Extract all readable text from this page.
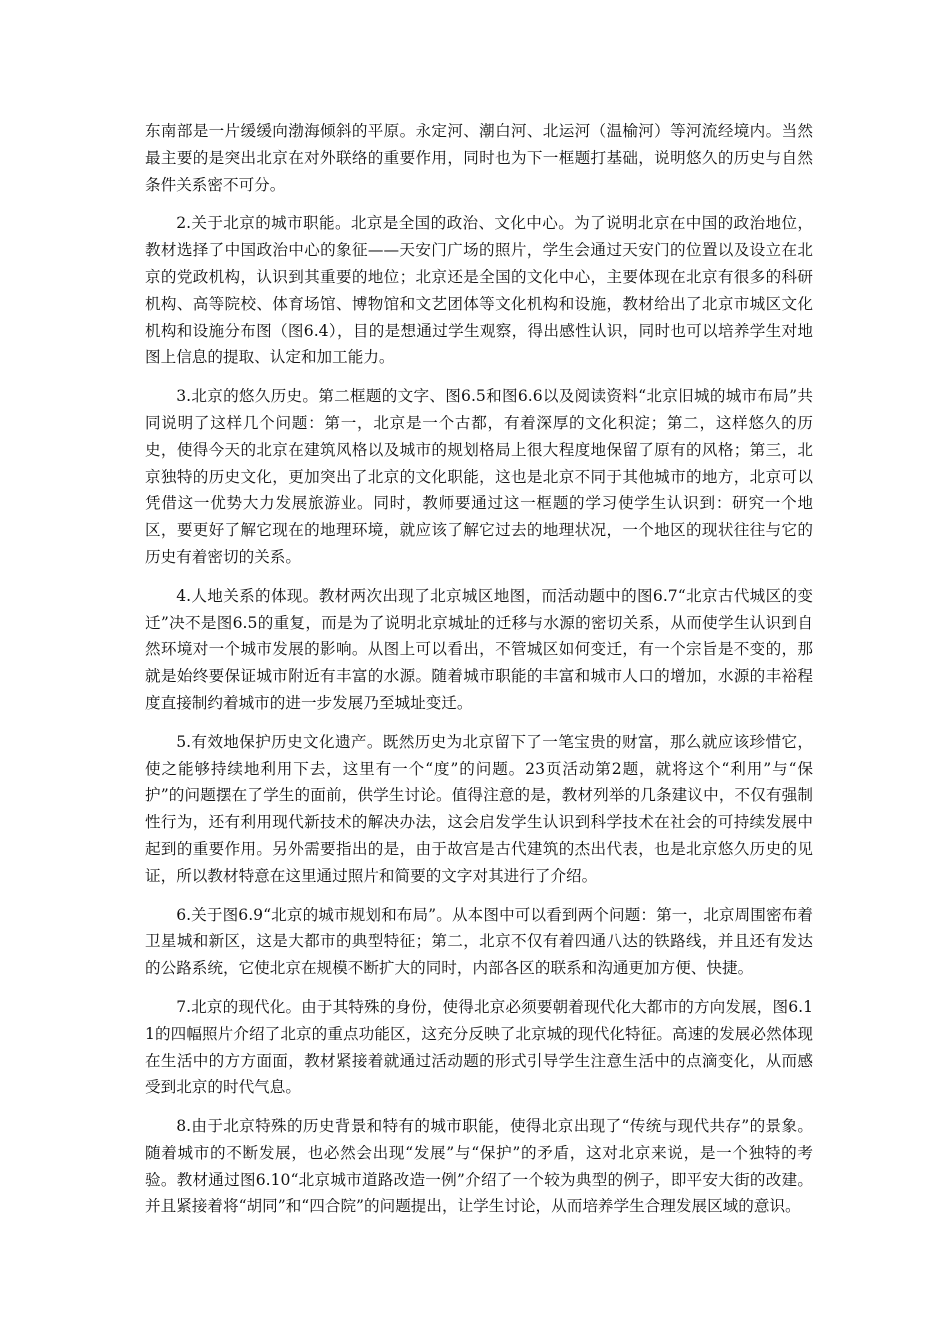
东南部是一片缓缓向渤海倾斜的平原。永定河、潮白河、北运河（温榆河）等河流经境内。当然最主要的是突出北京在对外联络的重要作用，同时也为下一框题打基础，说明悠久的历史与自然条件关系密不可分。

2.关于北京的城市职能。北京是全国的政治、文化中心。为了说明北京在中国的政治地位，教材选择了中国政治中心的象征——天安门广场的照片，学生会通过天安门的位置以及设立在北京的党政机构，认识到其重要的地位；北京还是全国的文化中心，主要体现在北京有很多的科研机构、高等院校、体育场馆、博物馆和文艺团体等文化机构和设施，教材给出了北京市城区文化机构和设施分布图（图6.4），目的是想通过学生观察，得出感性认识，同时也可以培养学生对地图上信息的提取、认定和加工能力。

3.北京的悠久历史。第二框题的文字、图6.5和图6.6以及阅读资料“北京旧城的城市布局”共同说明了这样几个问题：第一，北京是一个古都，有着深厚的文化积淀；第二，这样悠久的历史，使得今天的北京在建筑风格以及城市的规划格局上很大程度地保留了原有的风格；第三，北京独特的历史文化，更加突出了北京的文化职能，这也是北京不同于其他城市的地方，北京可以凭借这一优势大力发展旅游业。同时，教师要通过这一框题的学习使学生认识到：研究一个地区，要更好了解它现在的地理环境，就应该了解它过去的地理状况，一个地区的现状往往与它的历史有着密切的关系。

4.人地关系的体现。教材两次出现了北京城区地图，而活动题中的图6.7“北京古代城区的变迁”决不是图6.5的重复，而是为了说明北京城址的迁移与水源的密切关系，从而使学生认识到自然环境对一个城市发展的影响。从图上可以看出，不管城区如何变迁，有一个宗旨是不变的，那就是始终要保证城市附近有丰富的水源。随着城市职能的丰富和城市人口的增加，水源的丰裕程度直接制约着城市的进一步发展乃至城址变迁。

5.有效地保护历史文化遗产。既然历史为北京留下了一笔宝贵的财富，那么就应该珍惜它，使之能够持续地利用下去，这里有一个“度”的问题。23页活动第2题，就将这个“利用”与“保护”的问题摆在了学生的面前，供学生讨论。值得注意的是，教材列举的几条建议中，不仅有强制性行为，还有利用现代新技术的解决办法，这会启发学生认识到科学技术在社会的可持续发展中起到的重要作用。另外需要指出的是，由于故宫是古代建筑的杰出代表，也是北京悠久历史的见证，所以教材特意在这里通过照片和简要的文字对其进行了介绍。

6.关于图6.9“北京的城市规划和布局”。从本图中可以看到两个问题：第一，北京周围密布着卫星城和新区，这是大都市的典型特征；第二，北京不仅有着四通八达的铁路线，并且还有发达的公路系统，它使北京在规模不断扩大的同时，内部各区的联系和沟通更加方便、快捷。

7.北京的现代化。由于其特殊的身份，使得北京必须要朝着现代化大都市的方向发展，图6.11的四幅照片介绍了北京的重点功能区，这充分反映了北京城的现代化特征。高速的发展必然体现在生活中的方方面面，教材紧接着就通过活动题的形式引导学生注意生活中的点滴变化，从而感受到北京的时代气息。

8.由于北京特殊的历史背景和特有的城市职能，使得北京出现了“传统与现代共存”的景象。随着城市的不断发展，也必然会出现“发展”与“保护”的矛盾，这对北京来说，是一个独特的考验。教材通过图6.10“北京城市道路改造一例”介绍了一个较为典型的例子，即平安大街的改建。并且紧接着将“胡同”和“四合院”的问题提出，让学生讨论，从而培养学生合理发展区域的意识。
